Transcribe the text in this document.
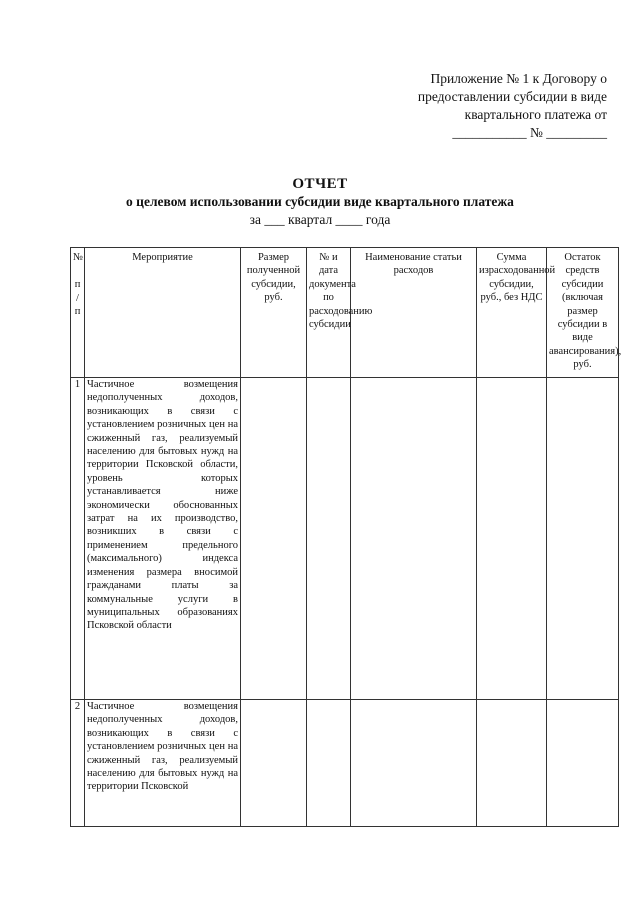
Приложение № 1 к Договору о
предоставлении субсидии в виде
квартального платежа от
___________ № _________
ОТЧЕТ
о целевом использовании субсидии виде квартального платежа
за ___ квартал ____ года
№
п
/
п	Мероприятие	Размер полученной субсидии, руб.	№ и дата документа по расходованию субсидии	Наименование статьи расходов	Сумма израсходованной субсидии, руб., без НДС	Остаток средств субсидии (включая размер субсидии в виде авансирования), руб.
1	Частичное возмещения недополученных доходов, возникающих в связи с установлением розничных цен на сжиженный газ, реализуемый населению для бытовых нужд на территории Псковской области, уровень которых устанавливается ниже экономически обоснованных затрат на их производство, возникших в связи с применением предельного (максимального) индекса изменения размера вносимой гражданами платы за коммунальные услуги в муниципальных образованиях Псковской области					
2	Частичное возмещения недополученных доходов, возникающих в связи с установлением розничных цен на сжиженный газ, реализуемый населению для бытовых нужд на территории Псковской					
